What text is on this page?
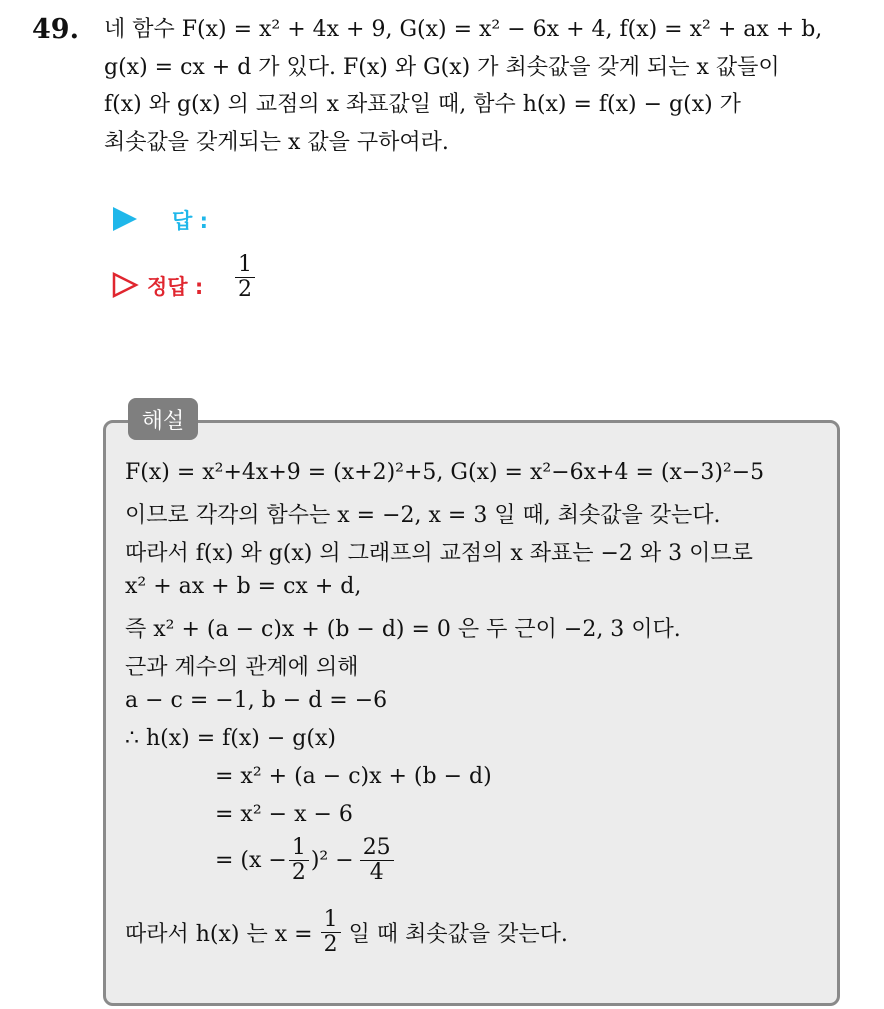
49. 네 함수 F(x) = x² + 4x + 9, G(x) = x² − 6x + 4, f(x) = x² + ax + b,
g(x) = cx + d 가 있다. F(x) 와 G(x) 가 최솟값을 갖게 되는 x 값들이
f(x) 와 g(x) 의 교점의 x 좌표값일 때, 함수 h(x) = f(x) − g(x) 가
최솟값을 갖게되는 x 값을 구하여라.
답 :
정답 : $\frac{1}{2}$
해설
F(x) = x²+4x+9 = (x+2)²+5, G(x) = x²−6x+4 = (x−3)²−5
이므로 각각의 함수는 x = −2, x = 3 일 때, 최솟값을 갖는다.
따라서 f(x) 와 g(x) 의 그래프의 교점의 x 좌표는 −2 와 3 이므로
x² + ax + b = cx + d,
즉 x² + (a − c)x + (b − d) = 0 은 두 근이 −2, 3 이다.
근과 계수의 관계에 의해
a − c = −1, b − d = −6
∴ h(x) = f(x) − g(x)
= x² + (a − c)x + (b − d)
= x² − x − 6
= $(x - \frac{1}{2} )^2 - \frac{25}{4}$
따라서 h(x) 는 $x = \frac{1}{2}$ 일 때 최솟값을 갖는다.
